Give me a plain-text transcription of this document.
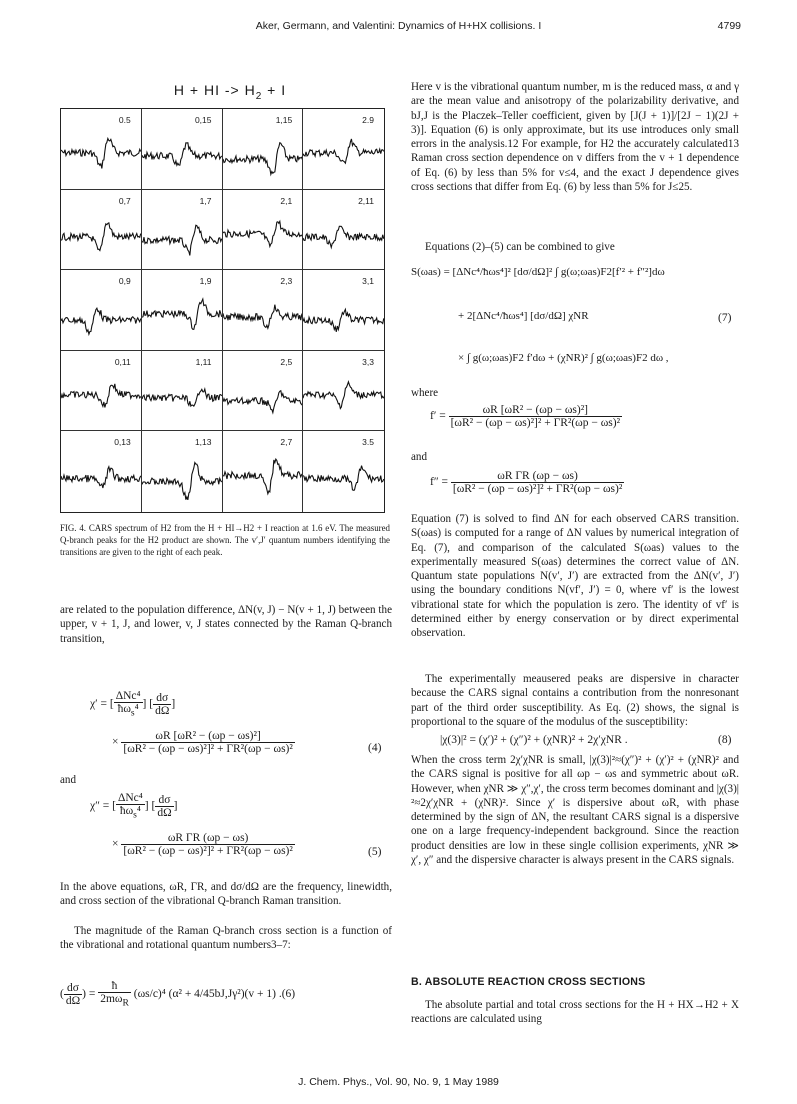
Aker, Germann, and Valentini: Dynamics of H+HX collisions. I	4799
H + HI -> $H_2 + I$
0.5	0,15	1,15	2.9
0,7	1,7	2,1	2,11
0,9	1,9	2,3	3,1
0,11	1,11	2,5	3,3
0,13	1,13	2,7	3.5
FIG. 4. CARS spectrum of H2 from the H + HI→H2 + I reaction at 1.6 eV. The measured Q-branch peaks for the H2 product are shown. The v′,J′ quantum numbers identifying the transitions are given to the right of each peak.
are related to the population difference, ΔN(v, J) − N(v + 1, J) between the upper, v + 1, J, and lower, v, J states connected by the Raman Q-branch transition,
χ′ = [ $\frac{\text{ΔNc⁴}}{ħ\omega_s^4}$ ] [ $\frac{d\sigma}{d\Omega}$ ]
× $\frac{\text{ωR [ωR² − (ωp − ωs)²]}}{\text{[ωR² − (ωp − ωs)²]² + ΓR²(ωp − ωs)²}}$	(4)
and
χ″ = [ $\frac{\text{ΔNc⁴}}{ħ\omega_s^4}$ ] [ $\frac{d\sigma}{d\Omega}$ ]
× $\frac{\text{ωR ΓR (ωp − ωs)}}{\text{[ωR² − (ωp − ωs)²]² + ΓR²(ωp − ωs)²}}$	(5)
In the above equations, ωR, ΓR, and dσ/dΩ are the frequency, linewidth, and cross section of the vibrational Q-branch Raman transition.
The magnitude of the Raman Q-branch cross section is a function of the vibrational and rotational quantum numbers3–7:
( $\frac{d\sigma}{d\Omega}$ ) = $\frac{ħ}{2m\omega_R} (\omega s/c)^4$ (α² + 4/45bJ,Jγ²)(v + 1) .(6)
Here v is the vibrational quantum number, m is the reduced mass, α and γ are the mean value and anisotropy of the polarizability derivative, and bJ,J is the Placzek–Teller coefficient, given by [J(J + 1)]/[2J − 1)(2J + 3)]. Equation (6) is only approximate, but its use introduces only small errors in the analysis.12 For example, for H2 the accurately calculated13 Raman cross section dependence on v differs from the v + 1 dependence of Eq. (6) by less than 5% for v≤4, and the exact J dependence gives cross sections that differ from Eq. (6) by less than 5% for J≤25.
Equations (2)–(5) can be combined to give
S(ωas) = [ΔNc⁴/ħωs⁴]² [dσ/dΩ]² ∫ g(ω;ωas)F2[f′² + f″²]dω
+ 2[ΔNc⁴/ħωs⁴] [dσ/dΩ] χNR	(7)
× ∫ g(ω;ωas)F2 f′dω + (χNR)² ∫ g(ω;ωas)F2 dω ,
where
$f' = \frac{\text{ωR [ωR² − (ωp − ωs)²]}}{\text{[ωR² − (ωp − ωs)²]² + ΓR²(ωp − ωs)²}}$
and
$f'' = \frac{\text{ωR ΓR (ωp − ωs)}}{\text{[ωR² − (ωp − ωs)²]² + ΓR²(ωp − ωs)²}}$
Equation (7) is solved to find ΔN for each observed CARS transition. S(ωas) is computed for a range of ΔN values by numerical integration of Eq. (7), and comparison of the calculated S(ωas) values to the experimentally measured S(ωas) determines the correct value of ΔN. Quantum state populations N(v′, J′) are extracted from the ΔN(v′, J′) using the boundary conditions N(vf′, J′) = 0, where vf′ is the lowest vibrational state for which the population is zero. The identity of vf′ is determined either by energy conservation or by direct experimental observation.
The experimentally meausered peaks are dispersive in character because the CARS signal contains a contribution from the nonresonant part of the third order susceptibility. As Eq. (2) shows, the signal is proportional to the square of the modulus of the susceptibility:
|χ(3)|² = (χ′)² + (χ″)² + (χNR)² + 2χ′χNR .	(8)
When the cross term 2χ′χNR is small, |χ(3)|²≈(χ″)² + (χ′)² + (χNR)² and the CARS signal is positive for all ωp − ωs and symmetric about ωR. However, when χNR ≫ χ″,χ′, the cross term becomes dominant and |χ(3)|²≈2χ′χNR + (χNR)². Since χ′ is dispersive about ωR, with phase determined by the sign of ΔN, the resultant CARS signal is a dispersive one on a large frequency-independent background. Since the reaction product densities are low in these single collision experiments, χNR ≫ χ′, χ″ and the dispersive character is always present in the CARS signals.
B. ABSOLUTE REACTION CROSS SECTIONS
The absolute partial and total cross sections for the H + HX→H2 + X reactions are calculated using
J. Chem. Phys., Vol. 90, No. 9, 1 May 1989
